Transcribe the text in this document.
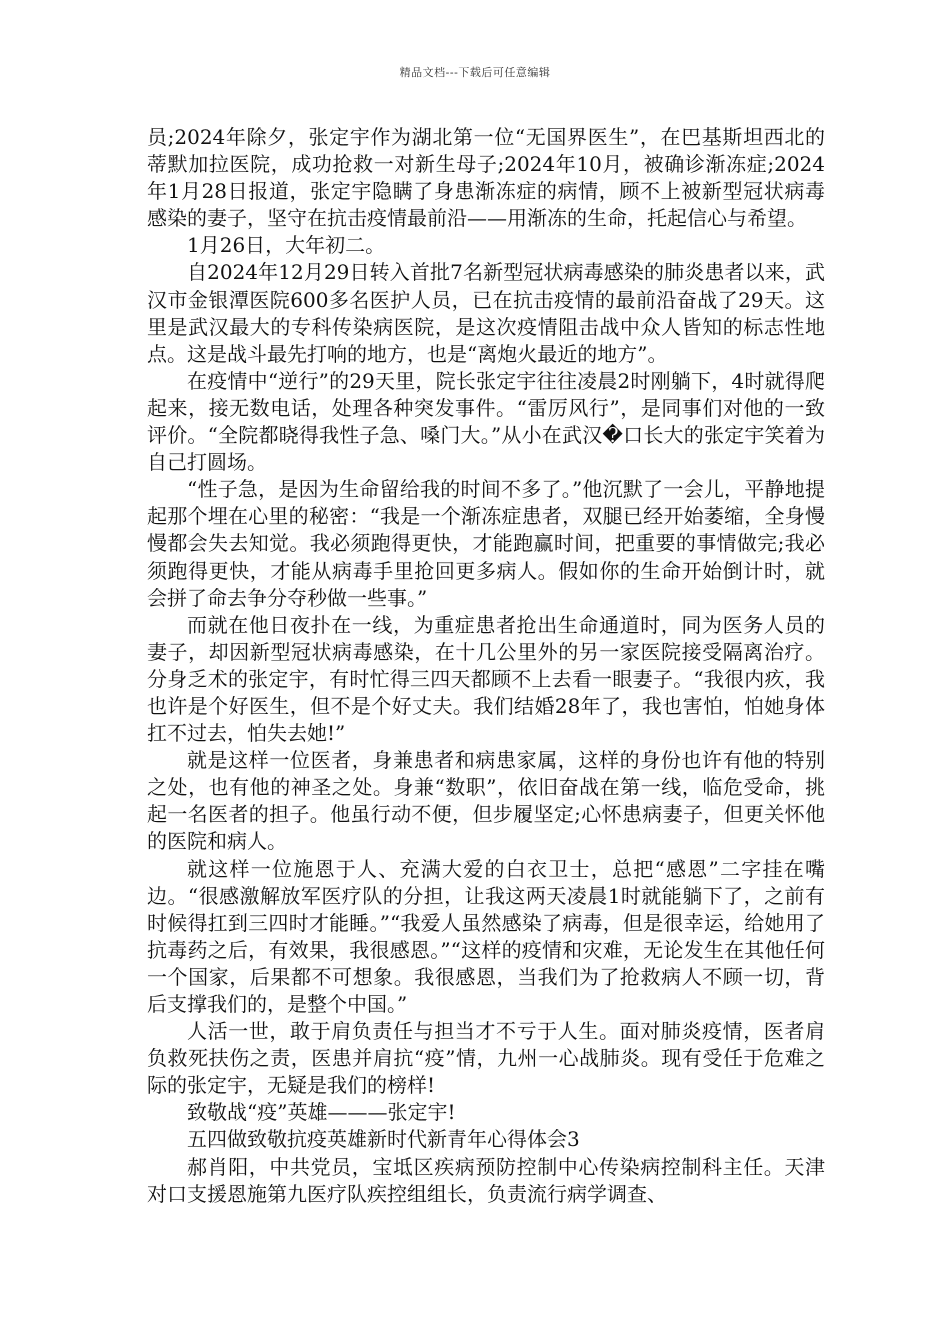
精品文档---下载后可任意编辑

员;2024年除夕，张定宇作为湖北第一位“无国界医生”，在巴基斯坦西北的蒂默加拉医院，成功抢救一对新生母子;2024年10月，被确诊渐冻症;2024年1月28日报道，张定宇隐瞒了身患渐冻症的病情，顾不上被新型冠状病毒感染的妻子，坚守在抗击疫情最前沿——用渐冻的生命，托起信心与希望。

1月26日，大年初二。

自2024年12月29日转入首批7名新型冠状病毒感染的肺炎患者以来，武汉市金银潭医院600多名医护人员，已在抗击疫情的最前沿奋战了29天。这里是武汉最大的专科传染病医院，是这次疫情阻击战中众人皆知的标志性地点。这是战斗最先打响的地方，也是“离炮火最近的地方”。

在疫情中“逆行”的29天里，院长张定宇往往凌晨2时刚躺下，4时就得爬起来，接无数电话，处理各种突发事件。“雷厉风行”，是同事们对他的一致评价。“全院都晓得我性子急、嗓门大。”从小在武汉�口长大的张定宇笑着为自己打圆场。

“性子急，是因为生命留给我的时间不多了。”他沉默了一会儿，平静地提起那个埋在心里的秘密：“我是一个渐冻症患者，双腿已经开始萎缩，全身慢慢都会失去知觉。我必须跑得更快，才能跑赢时间，把重要的事情做完;我必须跑得更快，才能从病毒手里抢回更多病人。假如你的生命开始倒计时，就会拼了命去争分夺秒做一些事。”

而就在他日夜扑在一线，为重症患者抢出生命通道时，同为医务人员的妻子，却因新型冠状病毒感染，在十几公里外的另一家医院接受隔离治疗。分身乏术的张定宇，有时忙得三四天都顾不上去看一眼妻子。“我很内疚，我也许是个好医生，但不是个好丈夫。我们结婚28年了，我也害怕，怕她身体扛不过去，怕失去她!”

就是这样一位医者，身兼患者和病患家属，这样的身份也许有他的特别之处，也有他的神圣之处。身兼“数职”，依旧奋战在第一线，临危受命，挑起一名医者的担子。他虽行动不便，但步履坚定;心怀患病妻子，但更关怀他的医院和病人。

就这样一位施恩于人、充满大爱的白衣卫士，总把“感恩”二字挂在嘴边。“很感激解放军医疗队的分担，让我这两天凌晨1时就能躺下了，之前有时候得扛到三四时才能睡。”“我爱人虽然感染了病毒，但是很幸运，给她用了抗毒药之后，有效果，我很感恩。”“这样的疫情和灾难，无论发生在其他任何一个国家，后果都不可想象。我很感恩，当我们为了抢救病人不顾一切，背后支撑我们的，是整个中国。”

人活一世，敢于肩负责任与担当才不亏于人生。面对肺炎疫情，医者肩负救死扶伤之责，医患并肩抗“疫”情，九州一心战肺炎。现有受任于危难之际的张定宇，无疑是我们的榜样!

致敬战“疫”英雄———张定宇!

五四做致敬抗疫英雄新时代新青年心得体会3

郝肖阳，中共党员，宝坻区疾病预防控制中心传染病控制科主任。天津对口支援恩施第九医疗队疾控组组长，负责流行病学调查、
